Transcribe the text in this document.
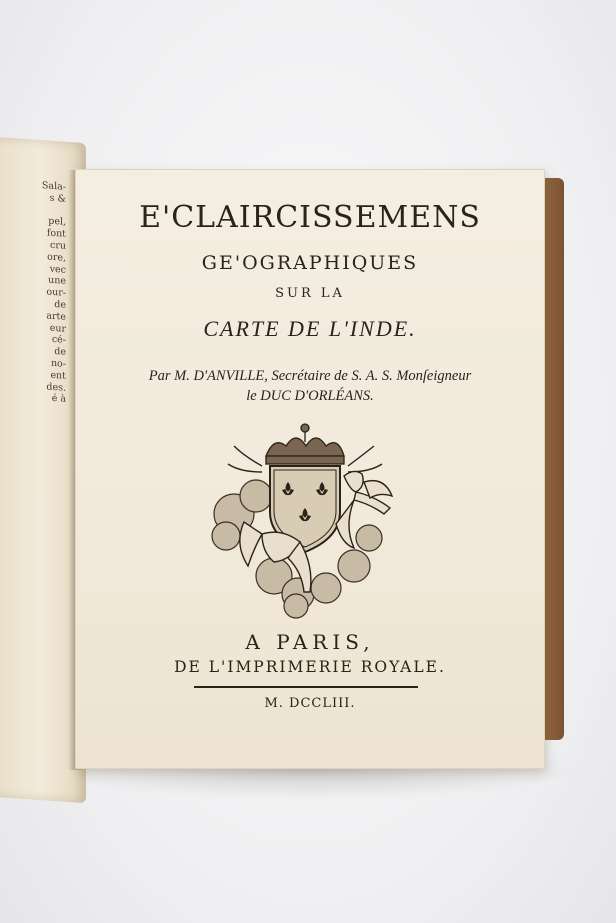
Sala-
s &

pel,
font
cru
ore,
vec
une
our-
de
arte
eur
cé-
de
no-
ent
des.
é à

E'CLAIRCISSEMENS

GE'OGRAPHIQUES

SUR LA

CARTE DE L'INDE.

Par M. D'ANVILLE, Secrétaire de S. A. S. Monſeigneur

le DUC D'ORLÉANS.

A PARIS,

DE L'IMPRIMERIE ROYALE.

M. DCCLIII.
